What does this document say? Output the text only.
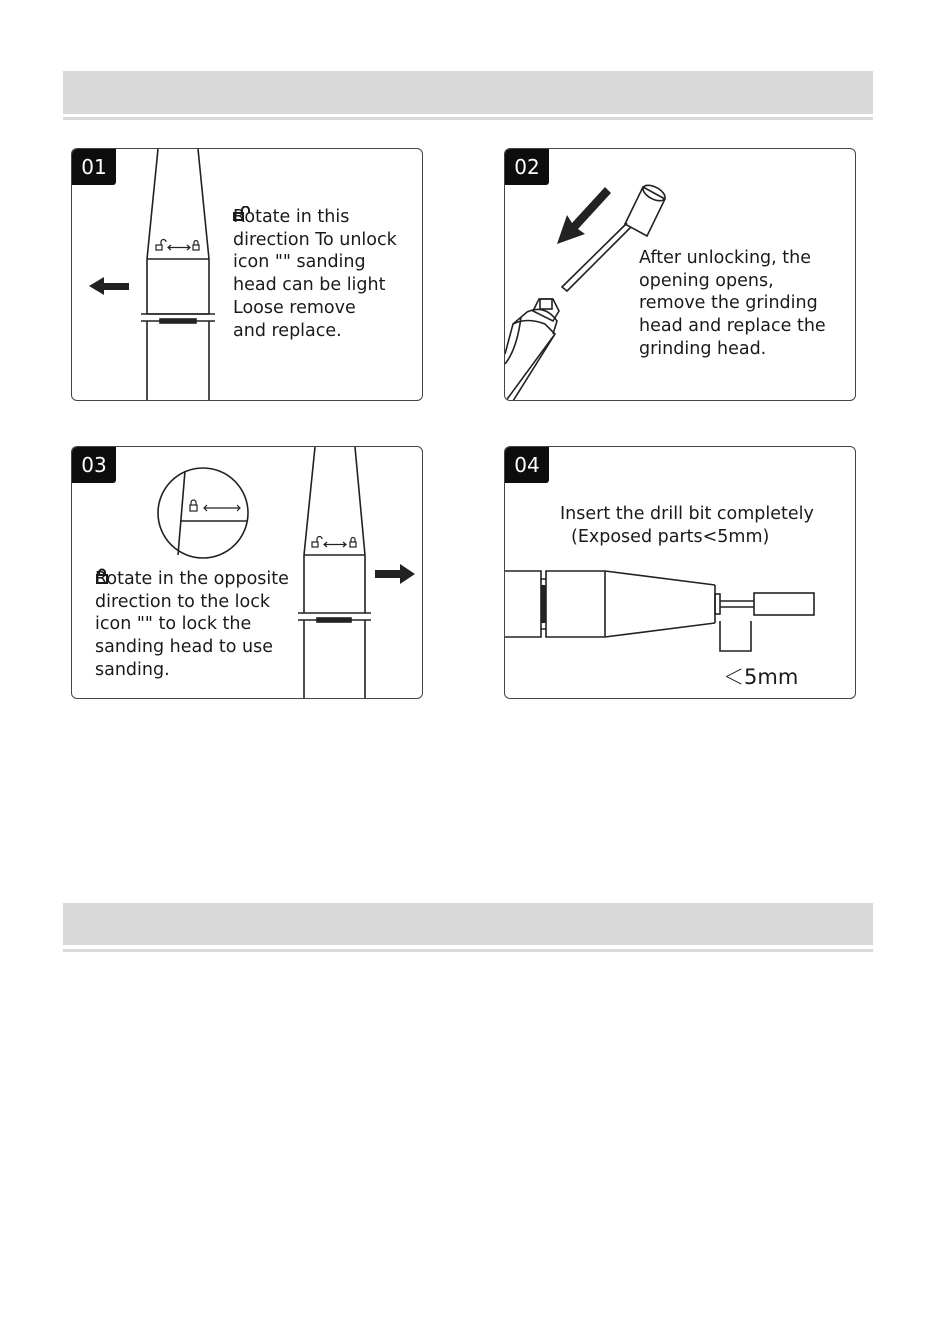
01
Rotate in this
direction To unlock
icon "
" sanding
head can be light
Loose remove
and replace.
02
After unlocking, the
opening opens,
remove the grinding
head and replace the
grinding head.
03
Rotate in the opposite
direction to the lock
icon "
" to lock the
sanding head to use
sanding.
04
Insert the drill bit completely
(Exposed parts<5mm)
＜5mm
